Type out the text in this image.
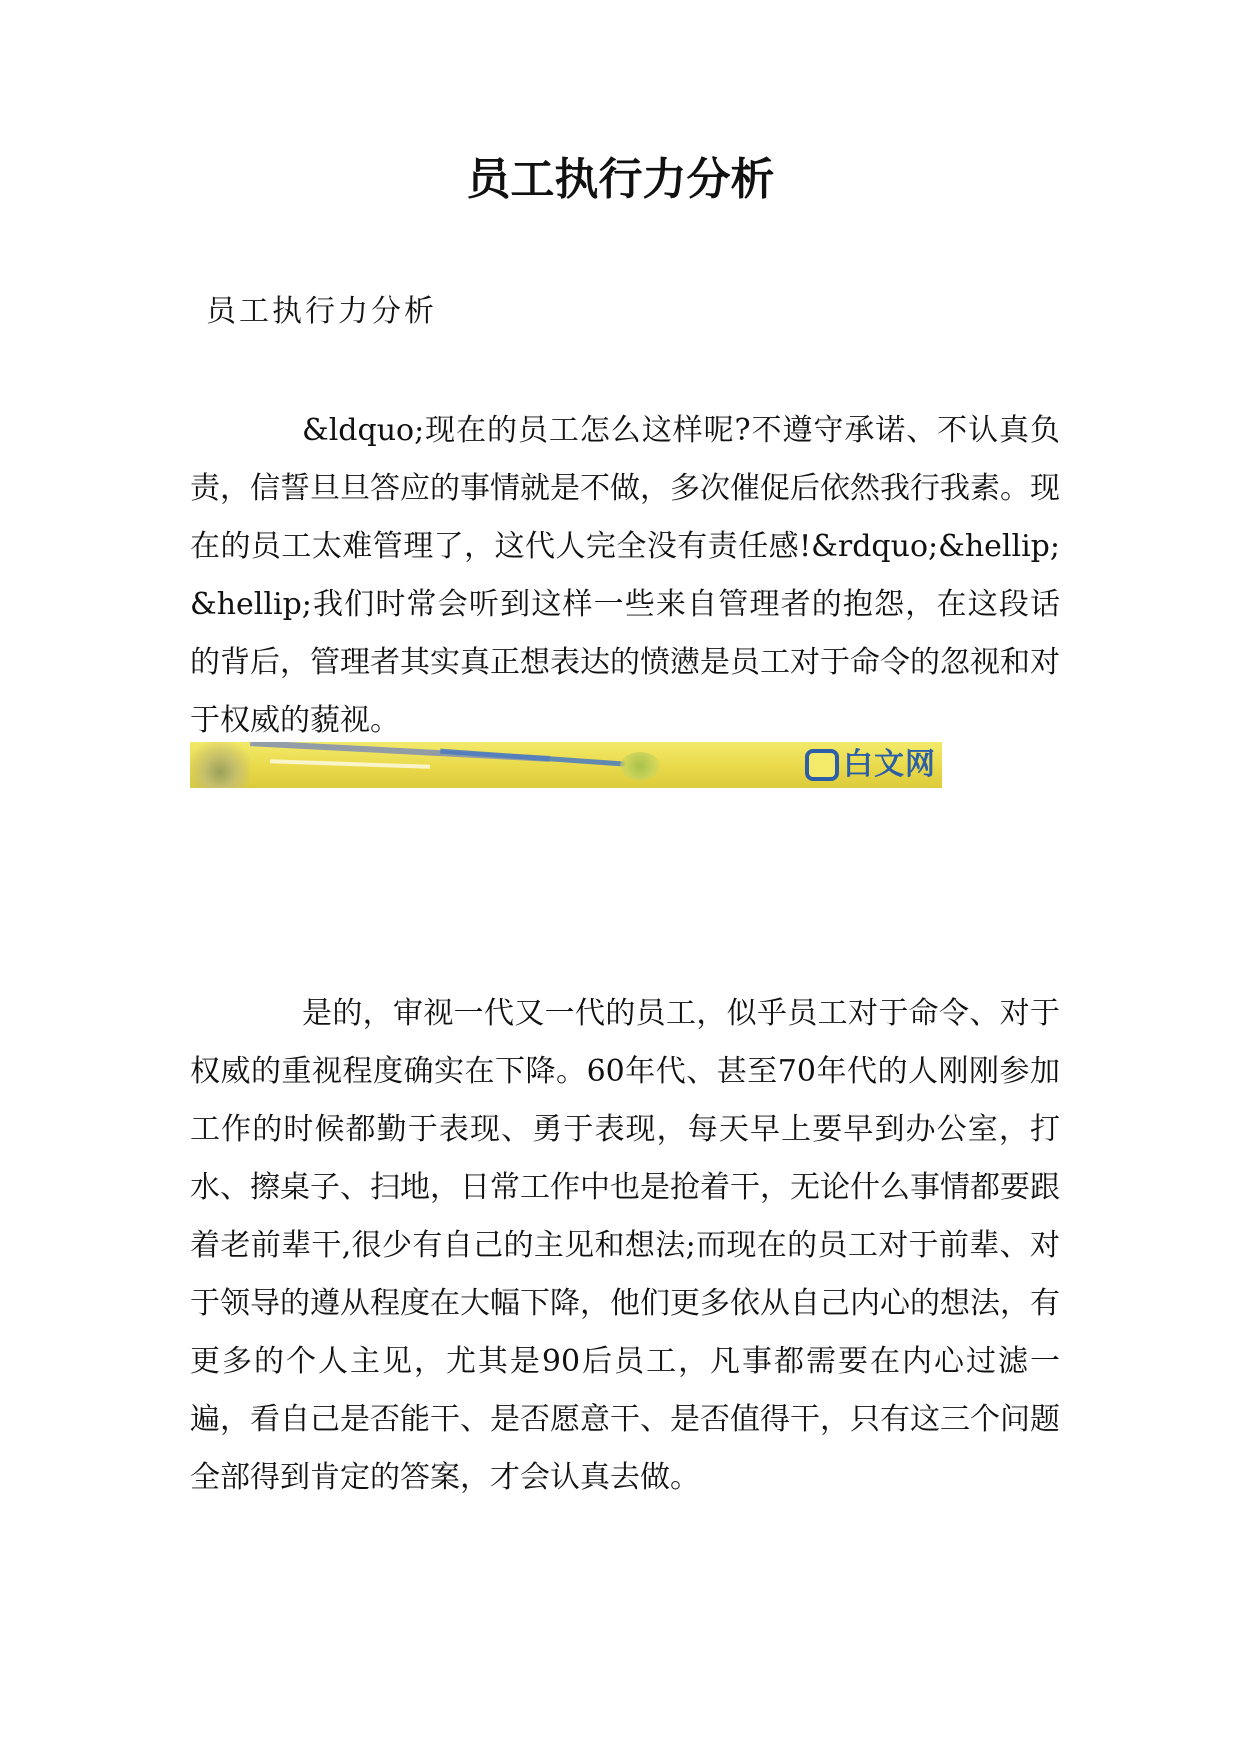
员工执行力分析

员工执行力分析

&ldquo;现在的员工怎么这样呢?不遵守承诺、不认真负责，信誓旦旦答应的事情就是不做，多次催促后依然我行我素。现在的员工太难管理了，这代人完全没有责任感!&rdquo;&hellip;&hellip;我们时常会听到这样一些来自管理者的抱怨，在这段话的背后，管理者其实真正想表达的愤懑是员工对于命令的忽视和对于权威的藐视。

白文网

是的，审视一代又一代的员工，似乎员工对于命令、对于权威的重视程度确实在下降。60年代、甚至70年代的人刚刚参加工作的时候都勤于表现、勇于表现，每天早上要早到办公室，打水、擦桌子、扫地，日常工作中也是抢着干，无论什么事情都要跟着老前辈干,很少有自己的主见和想法;而现在的员工对于前辈、对于领导的遵从程度在大幅下降，他们更多依从自己内心的想法，有更多的个人主见，尤其是90后员工，凡事都需要在内心过滤一遍，看自己是否能干、是否愿意干、是否值得干，只有这三个问题全部得到肯定的答案，才会认真去做。
